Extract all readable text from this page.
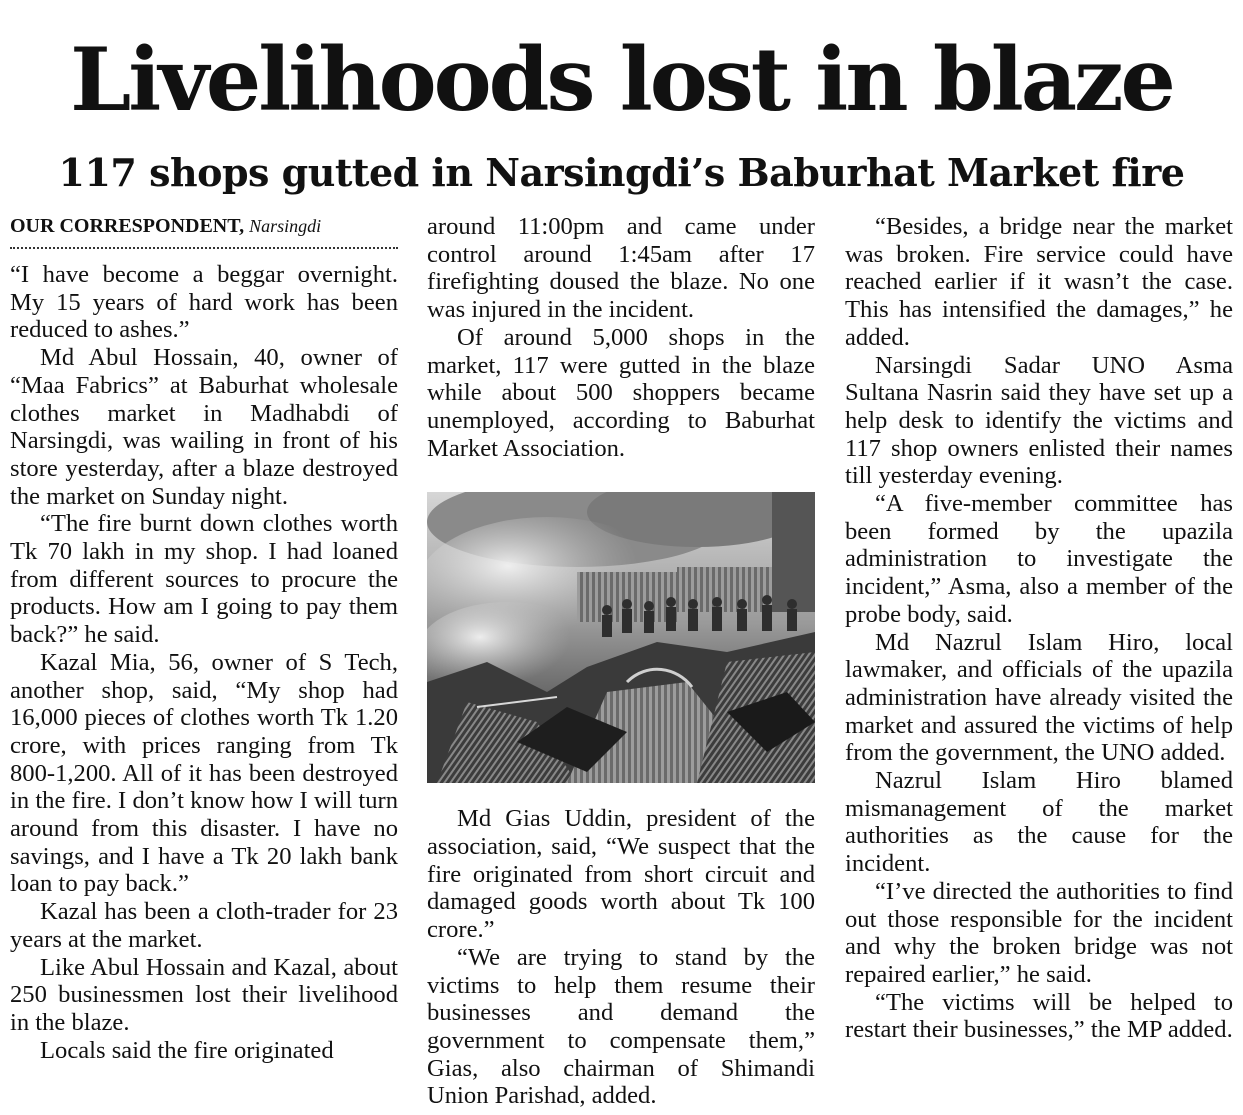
Livelihoods lost in blaze
117 shops gutted in Narsingdi’s Baburhat Market fire
OUR CORRESPONDENT, Narsingdi

“I have become a beggar overnight. My 15 years of hard work has been reduced to ashes.”

Md Abul Hossain, 40, owner of “Maa Fabrics” at Baburhat wholesale clothes market in Madhabdi of Narsingdi, was wailing in front of his store yesterday, after a blaze destroyed the market on Sunday night.

“The fire burnt down clothes worth Tk 70 lakh in my shop. I had loaned from different sources to procure the products. How am I going to pay them back?” he said.

Kazal Mia, 56, owner of S Tech, another shop, said, “My shop had 16,000 pieces of clothes worth Tk 1.20 crore, with prices ranging from Tk 800-1,200. All of it has been destroyed in the fire. I don’t know how I will turn around from this disaster. I have no savings, and I have a Tk 20 lakh bank loan to pay back.”

Kazal has been a cloth-trader for 23 years at the market.

Like Abul Hossain and Kazal, about 250 businessmen lost their livelihood in the blaze.

Locals said the fire originated

around 11:00pm and came under control around 1:45am after 17 firefighting doused the blaze. No one was injured in the incident.

Of around 5,000 shops in the market, 117 were gutted in the blaze while about 500 shoppers became unemployed, according to Baburhat Market Association.

Md Gias Uddin, president of the association, said, “We suspect that the fire originated from short circuit and damaged goods worth about Tk 100 crore.”

“We are trying to stand by the victims to help them resume their businesses and demand the government to compensate them,” Gias, also chairman of Shimandi Union Parishad, added.

“Besides, a bridge near the market was broken. Fire service could have reached earlier if it wasn’t the case. This has intensified the damages,” he added.

Narsingdi Sadar UNO Asma Sultana Nasrin said they have set up a help desk to identify the victims and 117 shop owners enlisted their names till yesterday evening.

“A five-member committee has been formed by the upazila administration to investigate the incident,” Asma, also a member of the probe body, said.

Md Nazrul Islam Hiro, local lawmaker, and officials of the upazila administration have already visited the market and assured the victims of help from the government, the UNO added.

Nazrul Islam Hiro blamed mismanagement of the market authorities as the cause for the incident.

“I’ve directed the authorities to find out those responsible for the incident and why the broken bridge was not repaired earlier,” he said.

“The victims will be helped to restart their businesses,” the MP added.
